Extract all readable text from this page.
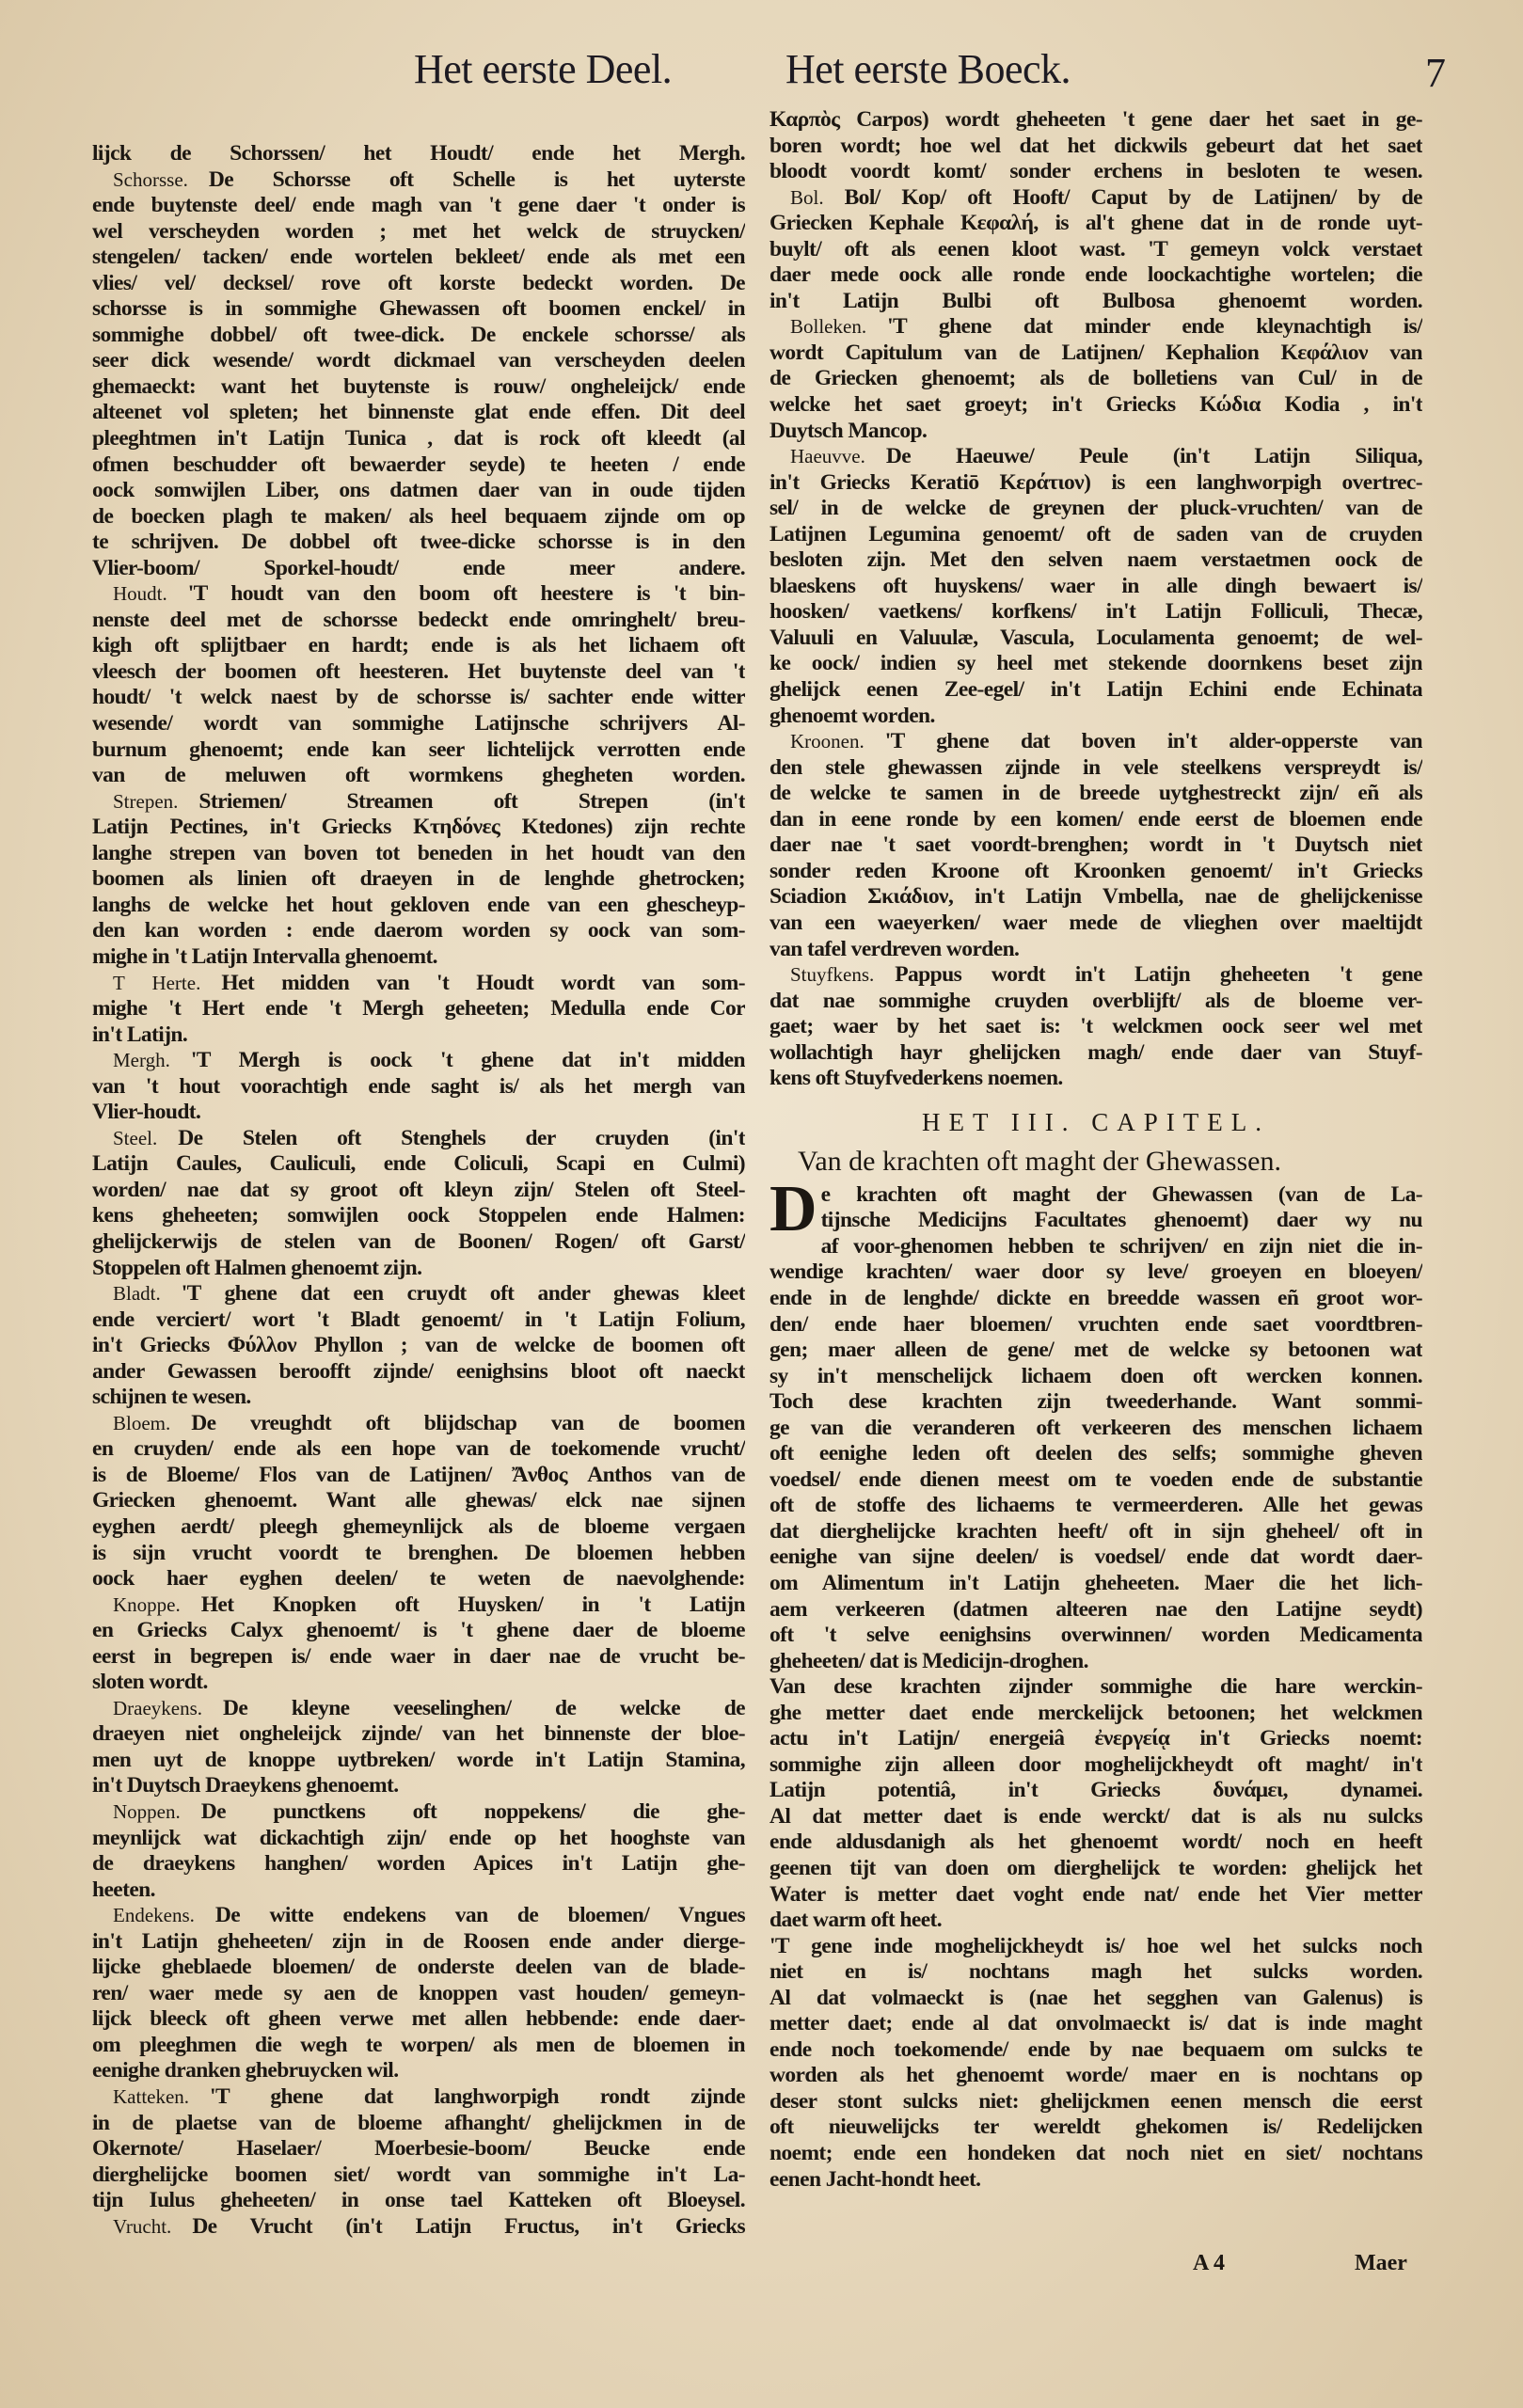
Het eerste Deel.	Het eerste Boeck.	7
lijck de Schorssen/ het Houdt/ ende het Mergh.
Schorsse. De Schorsse oft Schelle is het uyterste
ende buytenste deel/ ende magh van 't gene daer 't onder is
wel verscheyden worden ; met het welck de struycken/
stengelen/ tacken/ ende wortelen bekleet/ ende als met een
vlies/ vel/ decksel/ rove oft korste bedeckt worden. De
schorsse is in sommighe Ghewassen oft boomen enckel/ in
sommighe dobbel/ oft twee-dick. De enckele schorsse/ als
seer dick wesende/ wordt dickmael van verscheyden deelen
ghemaeckt: want het buytenste is rouw/ ongheleijck/ ende
alteenet vol spleten; het binnenste glat ende effen. Dit deel
pleeghtmen in't Latijn Tunica , dat is rock oft kleedt (al
ofmen beschudder oft bewaerder seyde) te heeten / ende
oock somwijlen Liber, ons datmen daer van in oude tijden
de boecken plagh te maken/ als heel bequaem zijnde om op
te schrijven. De dobbel oft twee-dicke schorsse is in den
Vlier-boom/ Sporkel-houdt/ ende meer andere.
Houdt. 'T houdt van den boom oft heestere is 't bin-
nenste deel met de schorsse bedeckt ende omringhelt/ breu-
kigh oft splijtbaer en hardt; ende is als het lichaem oft
vleesch der boomen oft heesteren. Het buytenste deel van 't
houdt/ 't welck naest by de schorsse is/ sachter ende witter
wesende/ wordt van sommighe Latijnsche schrijvers Al-
burnum ghenoemt; ende kan seer lichtelijck verrotten ende
van de meluwen oft wormkens ghegheten worden.
Strepen. Striemen/ Streamen oft Strepen (in't
Latijn Pectines, in't Griecks Κτηδόνες Ktedones) zijn rechte
langhe strepen van boven tot beneden in het houdt van den
boomen als linien oft draeyen in de lenghde ghetrocken;
langhs de welcke het hout gekloven ende van een ghescheyp-
den kan worden : ende daerom worden sy oock van som-
mighe in 't Latijn Intervalla ghenoemt.
T Herte. Het midden van 't Houdt wordt van som-
mighe 't Hert ende 't Mergh geheeten; Medulla ende Cor
in't Latijn.
Mergh. 'T Mergh is oock 't ghene dat in't midden
van 't hout voorachtigh ende saght is/ als het mergh van
Vlier-houdt.
Steel. De Stelen oft Stenghels der cruyden (in't
Latijn Caules, Cauliculi, ende Coliculi, Scapi en Culmi)
worden/ nae dat sy groot oft kleyn zijn/ Stelen oft Steel-
kens gheheeten; somwijlen oock Stoppelen ende Halmen:
ghelijckerwijs de stelen van de Boonen/ Rogen/ oft Garst/
Stoppelen oft Halmen ghenoemt zijn.
Bladt. 'T ghene dat een cruydt oft ander ghewas kleet
ende verciert/ wort 't Bladt genoemt/ in 't Latijn Folium,
in't Griecks Φύλλον Phyllon ; van de welcke de boomen oft
ander Gewassen beroofft zijnde/ eenighsins bloot oft naeckt
schijnen te wesen.
Bloem. De vreughdt oft blijdschap van de boomen
en cruyden/ ende als een hope van de toekomende vrucht/
is de Bloeme/ Flos van de Latijnen/ Ἄνθος Anthos van de
Griecken ghenoemt. Want alle ghewas/ elck nae sijnen
eyghen aerdt/ pleegh ghemeynlijck als de bloeme vergaen
is sijn vrucht voordt te brenghen. De bloemen hebben
oock haer eyghen deelen/ te weten de naevolghende:
Knoppe. Het Knopken oft Huysken/ in 't Latijn
en Griecks Calyx ghenoemt/ is 't ghene daer de bloeme
eerst in begrepen is/ ende waer in daer nae de vrucht be-
sloten wordt.
Draeykens. De kleyne veeselinghen/ de welcke de
draeyen niet ongheleijck zijnde/ van het binnenste der bloe-
men uyt de knoppe uytbreken/ worde in't Latijn Stamina,
in't Duytsch Draeykens ghenoemt.
Noppen. De punctkens oft noppekens/ die ghe-
meynlijck wat dickachtigh zijn/ ende op het hooghste van
de draeykens hanghen/ worden Apices in't Latijn ghe-
heeten.
Endekens. De witte endekens van de bloemen/ Vngues
in't Latijn gheheeten/ zijn in de Roosen ende ander dierge-
lijcke gheblaede bloemen/ de onderste deelen van de blade-
ren/ waer mede sy aen de knoppen vast houden/ gemeyn-
lijck bleeck oft gheen verwe met allen hebbende: ende daer-
om pleeghmen die wegh te worpen/ als men de bloemen in
eenighe dranken ghebruycken wil.
Katteken. 'T ghene dat langhworpigh rondt zijnde
in de plaetse van de bloeme afhanght/ ghelijckmen in de
Okernote/ Haselaer/ Moerbesie-boom/ Beucke ende
dierghelijcke boomen siet/ wordt van sommighe in't La-
tijn Iulus gheheeten/ in onse tael Katteken oft Bloeysel.
Vrucht. De Vrucht (in't Latijn Fructus, in't Griecks
Καρπὸς Carpos) wordt gheheeten 't gene daer het saet in ge-
boren wordt; hoe wel dat het dickwils gebeurt dat het saet
bloodt voordt komt/ sonder erchens in besloten te wesen.
Bol. Bol/ Kop/ oft Hooft/ Caput by de Latijnen/ by de
Griecken Kephale Κεφαλή, is al't ghene dat in de ronde uyt-
buylt/ oft als eenen kloot wast. 'T gemeyn volck verstaet
daer mede oock alle ronde ende loockachtighe wortelen; die
in't Latijn Bulbi oft Bulbosa ghenoemt worden.
Bolleken. 'T ghene dat minder ende kleynachtigh is/
wordt Capitulum van de Latijnen/ Kephalion Κεφάλιον van
de Griecken ghenoemt; als de bolletiens van Cul/ in de
welcke het saet groeyt; in't Griecks Κώδια Kodia , in't
Duytsch Mancop.
Haeuvve. De Haeuwe/ Peule (in't Latijn Siliqua,
in't Griecks Keratiō Κεράτιον) is een langhworpigh overtrec-
sel/ in de welcke de greynen der pluck-vruchten/ van de
Latijnen Legumina genoemt/ oft de saden van de cruyden
besloten zijn. Met den selven naem verstaetmen oock de
blaeskens oft huyskens/ waer in alle dingh bewaert is/
hoosken/ vaetkens/ korfkens/ in't Latijn Folliculi, Thecæ,
Valuuli en Valuulæ, Vascula, Loculamenta genoemt; de wel-
ke oock/ indien sy heel met stekende doornkens beset zijn
ghelijck eenen Zee-egel/ in't Latijn Echini ende Echinata
ghenoemt worden.
Kroonen. 'T ghene dat boven in't alder-opperste van
den stele ghewassen zijnde in vele steelkens verspreydt is/
de welcke te samen in de breede uytghestreckt zijn/ eñ als
dan in eene ronde by een komen/ ende eerst de bloemen ende
daer nae 't saet voordt-brenghen; wordt in 't Duytsch niet
sonder reden Kroone oft Kroonken genoemt/ in't Griecks
Sciadion Σκιάδιον, in't Latijn Vmbella, nae de ghelijckenisse
van een waeyerken/ waer mede de vlieghen over maeltijdt
van tafel verdreven worden.
Stuyfkens. Pappus wordt in't Latijn gheheeten 't gene
dat nae sommighe cruyden overblijft/ als de bloeme ver-
gaet; waer by het saet is: 't welckmen oock seer wel met
wollachtigh hayr ghelijcken magh/ ende daer van Stuyf-
kens oft Stuyfvederkens noemen.
HET III. CAPITEL.
Van de krachten oft maght der Ghewassen.
D e krachten oft maght der Ghewassen (van de La-
tijnsche Medicijns Facultates ghenoemt) daer wy nu
af voor-ghenomen hebben te schrijven/ en zijn niet die in-
wendige krachten/ waer door sy leve/ groeyen en bloeyen/
ende in de lenghde/ dickte en breedde wassen eñ groot wor-
den/ ende haer bloemen/ vruchten ende saet voordtbren-
gen; maer alleen de gene/ met de welcke sy betoonen wat
sy in't menschelijck lichaem doen oft wercken konnen.
Toch dese krachten zijn tweederhande. Want sommi-
ge van die veranderen oft verkeeren des menschen lichaem
oft eenighe leden oft deelen des selfs; sommighe gheven
voedsel/ ende dienen meest om te voeden ende de substantie
oft de stoffe des lichaems te vermeerderen. Alle het gewas
dat dierghelijcke krachten heeft/ oft in sijn gheheel/ oft in
eenighe van sijne deelen/ is voedsel/ ende dat wordt daer-
om Alimentum in't Latijn gheheeten. Maer die het lich-
aem verkeeren (datmen alteeren nae den Latijne seydt)
oft 't selve eenighsins overwinnen/ worden Medicamenta
gheheeten/ dat is Medicijn-droghen.
Van dese krachten zijnder sommighe die hare werckin-
ghe metter daet ende merckelijck betoonen; het welckmen
actu in't Latijn/ energeiâ ἐνεργείᾳ in't Griecks noemt:
sommighe zijn alleen door moghelijckheydt oft maght/ in't
Latijn potentiâ, in't Griecks δυνάμει, dynamei.
Al dat metter daet is ende werckt/ dat is als nu sulcks
ende aldusdanigh als het ghenoemt wordt/ noch en heeft
geenen tijt van doen om dierghelijck te worden: ghelijck het
Water is metter daet voght ende nat/ ende het Vier metter
daet warm oft heet.
'T gene inde moghelijckheydt is/ hoe wel het sulcks noch
niet en is/ nochtans magh het sulcks worden.
Al dat volmaeckt is (nae het segghen van Galenus) is
metter daet; ende al dat onvolmaeckt is/ dat is inde maght
ende noch toekomende/ ende by nae bequaem om sulcks te
worden als het ghenoemt worde/ maer en is nochtans op
deser stont sulcks niet: ghelijckmen eenen mensch die eerst
oft nieuwelijcks ter wereldt ghekomen is/ Redelijcken
noemt; ende een hondeken dat noch niet en siet/ nochtans
eenen Jacht-hondt heet.
A 4	Maer
